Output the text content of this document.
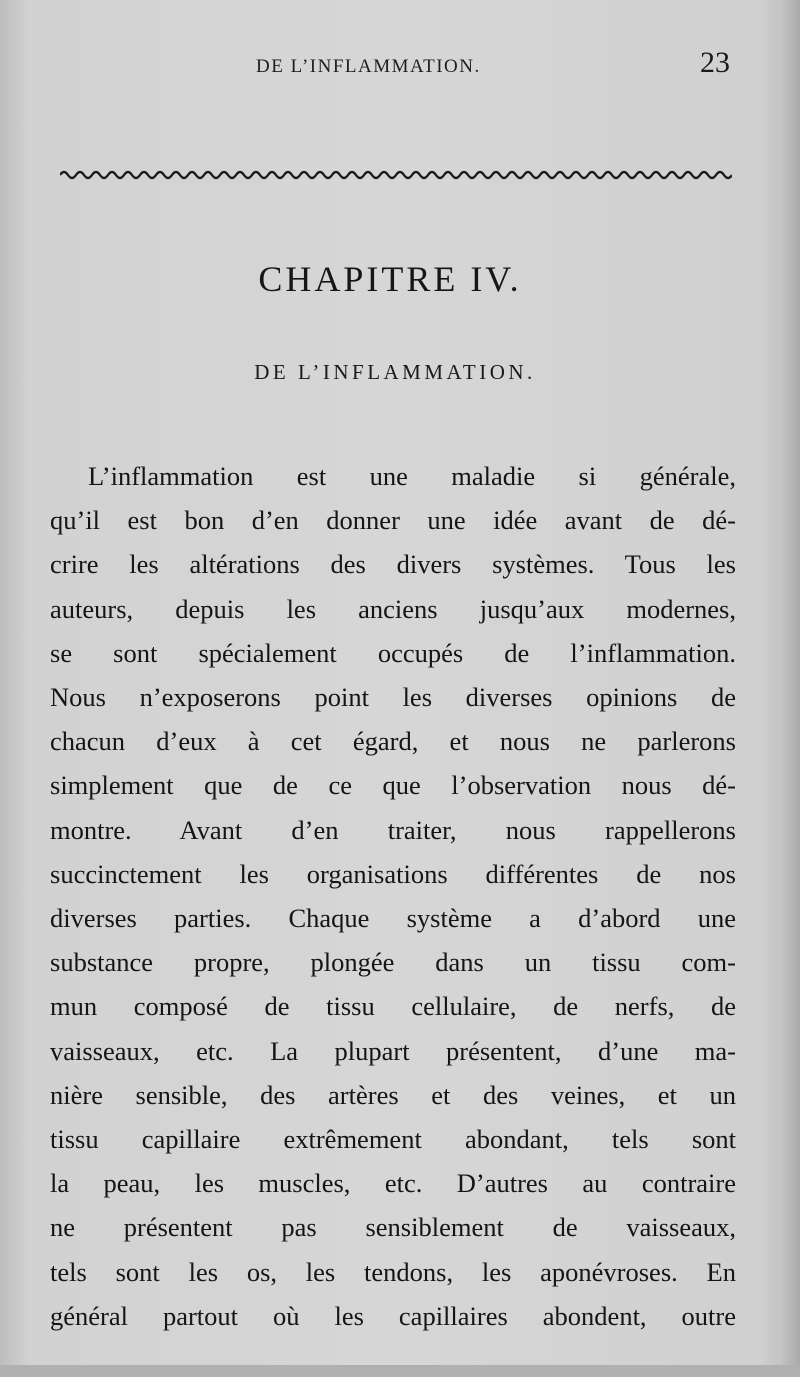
DE L’INFLAMMATION.	23
CHAPITRE IV.
DE L’INFLAMMATION.
L’inflammation est une maladie si générale,
qu’il est bon d’en donner une idée avant de dé-
crire les altérations des divers systèmes. Tous les
auteurs, depuis les anciens jusqu’aux modernes,
se sont spécialement occupés de l’inflammation.
Nous n’exposerons point les diverses opinions de
chacun d’eux à cet égard, et nous ne parlerons
simplement que de ce que l’observation nous dé-
montre. Avant d’en traiter, nous rappellerons
succinctement les organisations différentes de nos
diverses parties. Chaque système a d’abord une
substance propre, plongée dans un tissu com-
mun composé de tissu cellulaire, de nerfs, de
vaisseaux, etc. La plupart présentent, d’une ma-
nière sensible, des artères et des veines, et un
tissu capillaire extrêmement abondant, tels sont
la peau, les muscles, etc. D’autres au contraire
ne présentent pas sensiblement de vaisseaux,
tels sont les os, les tendons, les aponévroses. En
général partout où les capillaires abondent, outre
